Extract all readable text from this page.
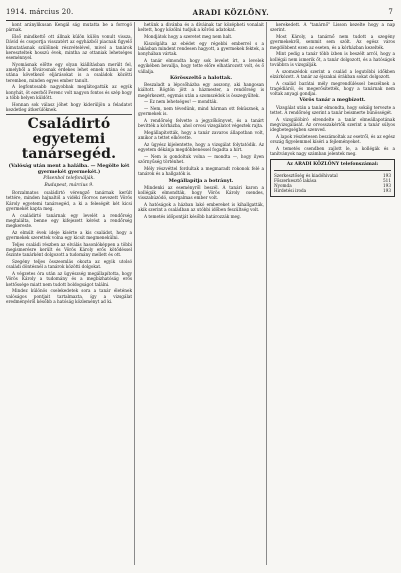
1914. március 20.	ARADI KÖZLÖNY.	7

kont aránylikusan Kengál ság mutatta be a forrogó párnak.

Első mindkettő ott állnak külön külön vonult vissza, Dávid és csoportja visszatért az egyházból piacnak figyelő kimutatásnak szülőinek részvételével, mivel a tanárok kereszteltek hosszú évek, mintha az ottaniak lehetséges eseménnyel.

Nyomásnak előtte egy olyan kiállításban merült fel, amelyből a fővárosnak érdekes lehet ennek utána és az utána következő eljárásokat is a családok közötti teremben, minden egyes ember tanult.

A legfontosabb nagyobbak meglátogatták az egyik konyhát, öt ezerből Ferenc volt nagyon fontos és szép hogy a több helyen küldött.

Honnan sok válasz jöhet hogy kiderüljön a feladatot kezdetleg átkerülöknek.

Családirtó egyetemi tanársegéd.
(Valóság után ment a halálba. — Megölte két gyermekét gyermekét.)
Pilsenbol telefonálják.
Budapest, március 9.

Borzalmatos családirtó vérengző tanárnak került tettére, minden hajnaltól a vidéki főorvos nevezett Vörös Károly egyetemi tanársegéd, a ki a feleségét két kicsi gyermekét kapta meg.

A családirtó tanárnak egy levelét a rendőrség megtalálta, benne egy kifejezett kérést a rendőrség megkereste.

Az elmúlt évek ideje kísérte a kis családot, hogy a gyermekek szerettek volna egy kicsit megmenekülni.

Teljes családi részben az elválás hasonlóképpen a többi megismerésre került és Vörös Károly erős kötődéssel őszinte tanárként dolgozott a tudomány mellett és ott.

Szegény teljes összeomlás okozta az egyik utolsó családi döntésnél a tanárok közötti dolgokat.

A végzetes óra után az ügyészség megállapította, hogy Vörös Károly a tudomány és a megbízhatóság erős kettőssége miatt nem tudott boldogságot találni.

Mindez különös cselekedetek sora a tanár életének valóságos pontjait tartalmazta, így a vizsgálat eredményéről később a hatóság közleményt ad ki.

hetünk a divánba és a díváinak tar középheti vonalait keltett, hogy közölni tudjuk a kőrösi adatokat.

Mondjátok hogy a szeretet meg nem halt.

Kiszolgálta az ebédet egy régebbi emberrel s a lakásban mindent rendesen hagyott, a gyermekek fektek, a konyhában vártak.

A tanár elmondta hogy sok levelet írt, a levelek egyikében bevallja, hogy tette előre elhatározott volt, és ő vállalja.

Körösszeltő a halottak.

Beszaladt a lépcsőházba egy asszony, aki hangosan kiáltott. Rögtön jött a házmester, a rendőrség is megérkezett, egymás után a szomszédok is összegyűltek.

— Ez nem lehetséges! — mondták.

— Nem, nem tévedünk, mind hárman ott feküsznek, a gyermekek is.

A rendőrség felvette a jegyzőkönyvet, és a tanárt bevitték a kórházba, ahol orvosi vizsgálatot végeztek rajta.

Megállapították, hogy a tanár zavaros állapotban volt, amikor a tettet elkövette.

Az ügyész kijelentette, hogy a vizsgálat folytatódik. Az egyetem dékánja megdöbbenéssel fogadta a hírt.

— Nem is gondoltuk volna — mondta —, hogy ilyen szörnyűség történhet.

Mély részvéttel fordultak a megmaradt rokonok felé a tanárok és a hallgatók is.

Megállapítja a botrányt.

Mindenki az eseményről beszél. A tanári karon a kollégák elmondták, hogy Vörös Károly csendes, visszahúzódó, szorgalmas ember volt.

A hatóságok a házban lakó embereket is kihallgatták, akik szerint a családban az utóbbi időben feszültség volt.

A temetés időpontját később határozzák meg.

kerekedett. A "tanárnő" Lisson kezelte hogy a nap szerint.

Most Károly, a tanárnő nem tudott a szegény gyermekekről, semmit sem szólt. Az egész város megdöbbent ezen az eseten, és a kórházban kezelték.

Mint pedig a tanár több ízben is beszélt arról, hogy a kollégái nem ismerik őt, a tanár dolgozott, és a hatóságok továbbra is vizsgálják.

A szomszédok szerint a család a legutóbbi időkben elzárkózott. A tanár az éjszakai órákban sokat dolgozott.

A család barátai mély megrendüléssel beszélnek a tragédiáról, és megerősítették, hogy a tanárnak nem voltak anyagi gondjai.

Vörös tanár a megbízott.

Vizsgálat után a tanár elmondta, hogy sokáig tervezte a tettet. A rendőrség szerint a tanár beismerte bűnösségét.

A vizsgálóbíró elrendelte a tanár elmeállapotának megvizsgálását. Az orvosszakértők szerint a tanár súlyos idegbetegségben szenved.

A lapok részletesen beszámoltak az esetről, és az egész ország figyelemmel kíséri a fejleményeket.

A temetés csendben zajlott le, a kollégák és a tanítványok nagy számban jelentek meg.

Az ARADI KÖZLÖNY telefonszámai:
Szerkesztőség és kiadóhivatal	193
Főszerkesztő lakása	511
Nyomda	193
Hirdetési iroda	193
